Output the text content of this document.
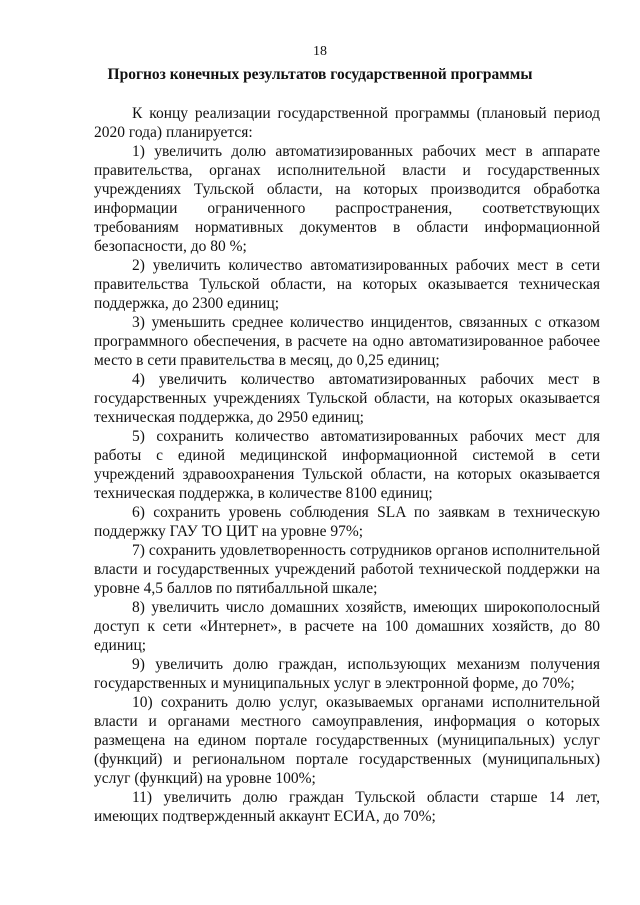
18
Прогноз конечных результатов государственной программы

К концу реализации государственной программы (плановый период 2020 года) планируется:

1) увеличить долю автоматизированных рабочих мест в аппарате правительства, органах исполнительной власти и государственных учреждениях Тульской области, на которых производится обработка информации ограниченного распространения, соответствующих требованиям нормативных документов в области информационной безопасности, до 80 %;

2) увеличить количество автоматизированных рабочих мест в сети правительства Тульской области, на которых оказывается техническая поддержка, до 2300 единиц;

3) уменьшить среднее количество инцидентов, связанных с отказом программного обеспечения, в расчете на одно автоматизированное рабочее место в сети правительства в месяц, до 0,25 единиц;

4) увеличить количество автоматизированных рабочих мест в государственных учреждениях Тульской области, на которых оказывается техническая поддержка, до 2950 единиц;

5) сохранить количество автоматизированных рабочих мест для работы с единой медицинской информационной системой в сети учреждений здравоохранения Тульской области, на которых оказывается техническая поддержка, в количестве 8100 единиц;

6) сохранить уровень соблюдения SLA по заявкам в техническую поддержку ГАУ ТО ЦИТ на уровне 97%;

7) сохранить удовлетворенность сотрудников органов исполнительной власти и государственных учреждений работой технической поддержки на уровне 4,5 баллов по пятибалльной шкале;

8) увеличить число домашних хозяйств, имеющих широкополосный доступ к сети «Интернет», в расчете на 100 домашних хозяйств, до 80 единиц;

9) увеличить долю граждан, использующих механизм получения государственных и муниципальных услуг в электронной форме, до 70%;

10) сохранить долю услуг, оказываемых органами исполнительной власти и органами местного самоуправления, информация о которых размещена на едином портале государственных (муниципальных) услуг (функций) и региональном портале государственных (муниципальных) услуг (функций) на уровне 100%;

11) увеличить долю граждан Тульской области старше 14 лет, имеющих подтвержденный аккаунт ЕСИА, до 70%;
